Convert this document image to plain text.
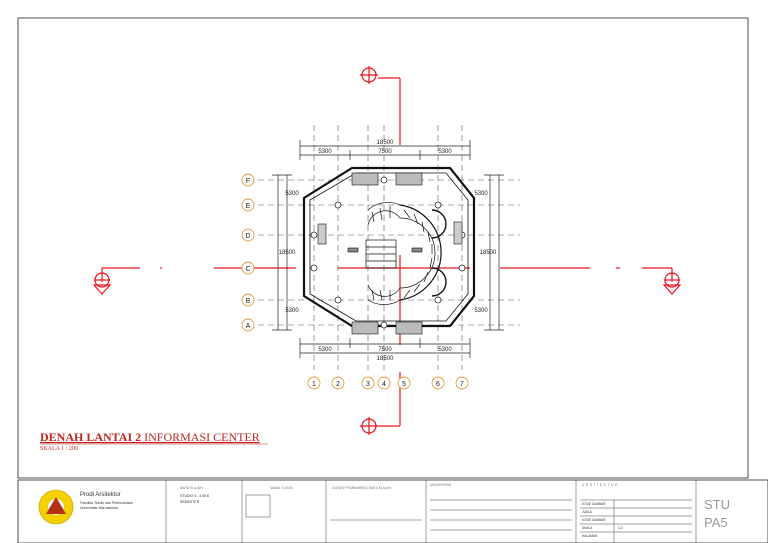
1	2	3 4 5	6	7
F
E
D
C
B
A
18500
5300	7500	5300
5300	7500	5300
18500
5300
18500
5300
5300
18500
5300
DENAH LANTAI 2 INFORMASI CENTER
SKALA 1 : 200
Prodi Arsitektur
Fakultas Teknik dan Perencanaan
Universitas Warmadewa
MATA KULIAH
STUDIO 4 - 4 SKS
SEMESTER
NAMA TUGAS	DOSEN PEMBIMBING MATA KULIAH
MAHASISWA	ARSITEKTUR
KODE GAMBAR
JUDUL
KODE GAMBAR
SKALA
HALAMAN
1:2
STU
PA5
